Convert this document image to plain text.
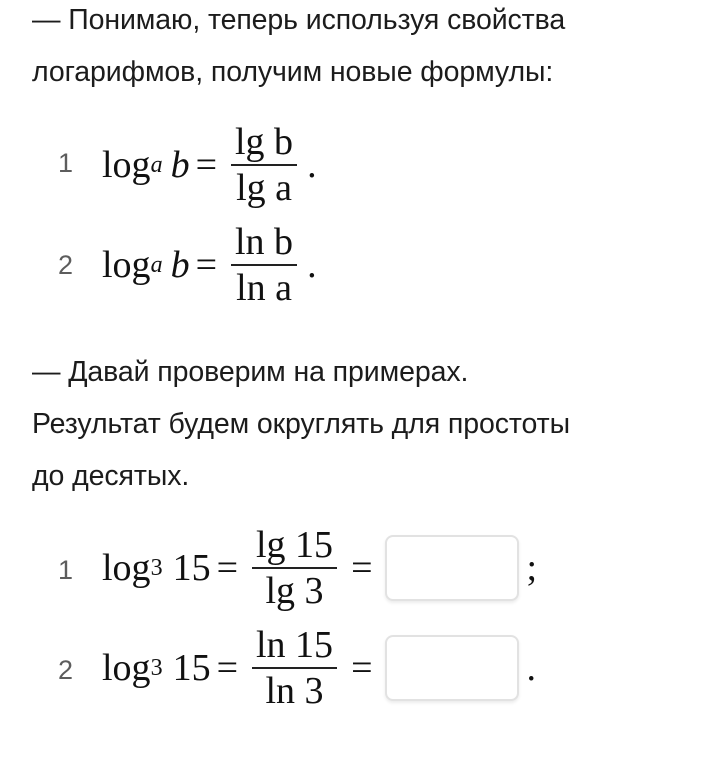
— Понимаю, теперь используя свойства
логарифмов, получим новые формулы:
1 log a $b = \frac{\text{lg b}}{\text{lg a}}$ .
2 log a $b = \frac{\text{ln b}}{\text{ln a}}$ .
— Давай проверим на примерах.
Результат будем округлять для простоты
до десятых.
1 log 3 $15 = \frac{\lg 15}{\lg 3}$ =	;
2 log 3 $15 = \frac{\ln 15}{\ln 3}$ =	.
